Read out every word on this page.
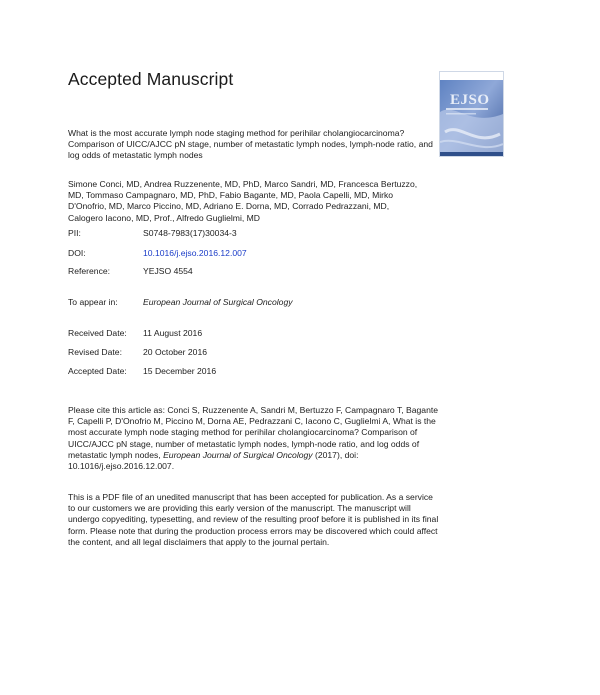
Accepted Manuscript
EJSO
What is the most accurate lymph node staging method for perihilar cholangiocarcinoma? Comparison of UICC/AJCC pN stage, number of metastatic lymph nodes, lymph-node ratio, and log odds of metastatic lymph nodes
Simone Conci, MD, Andrea Ruzzenente, MD, PhD, Marco Sandri, MD, Francesca Bertuzzo, MD, Tommaso Campagnaro, MD, PhD, Fabio Bagante, MD, Paola Capelli, MD, Mirko D'Onofrio, MD, Marco Piccino, MD, Adriano E. Dorna, MD, Corrado Pedrazzani, MD, Calogero Iacono, MD, Prof., Alfredo Guglielmi, MD
PII:	S0748-7983(17)30034-3
DOI:	10.1016/j.ejso.2016.12.007
Reference:	YEJSO 4554
To appear in:	European Journal of Surgical Oncology
Received Date: 11 August 2016
Revised Date: 20 October 2016
Accepted Date: 15 December 2016
Please cite this article as: Conci S, Ruzzenente A, Sandri M, Bertuzzo F, Campagnaro T, Bagante F, Capelli P, D'Onofrio M, Piccino M, Dorna AE, Pedrazzani C, Iacono C, Guglielmi A, What is the most accurate lymph node staging method for perihilar cholangiocarcinoma? Comparison of UICC/AJCC pN stage, number of metastatic lymph nodes, lymph-node ratio, and log odds of metastatic lymph nodes, European Journal of Surgical Oncology (2017), doi: 10.1016/j.ejso.2016.12.007.
This is a PDF file of an unedited manuscript that has been accepted for publication. As a service to our customers we are providing this early version of the manuscript. The manuscript will undergo copyediting, typesetting, and review of the resulting proof before it is published in its final form. Please note that during the production process errors may be discovered which could affect the content, and all legal disclaimers that apply to the journal pertain.
